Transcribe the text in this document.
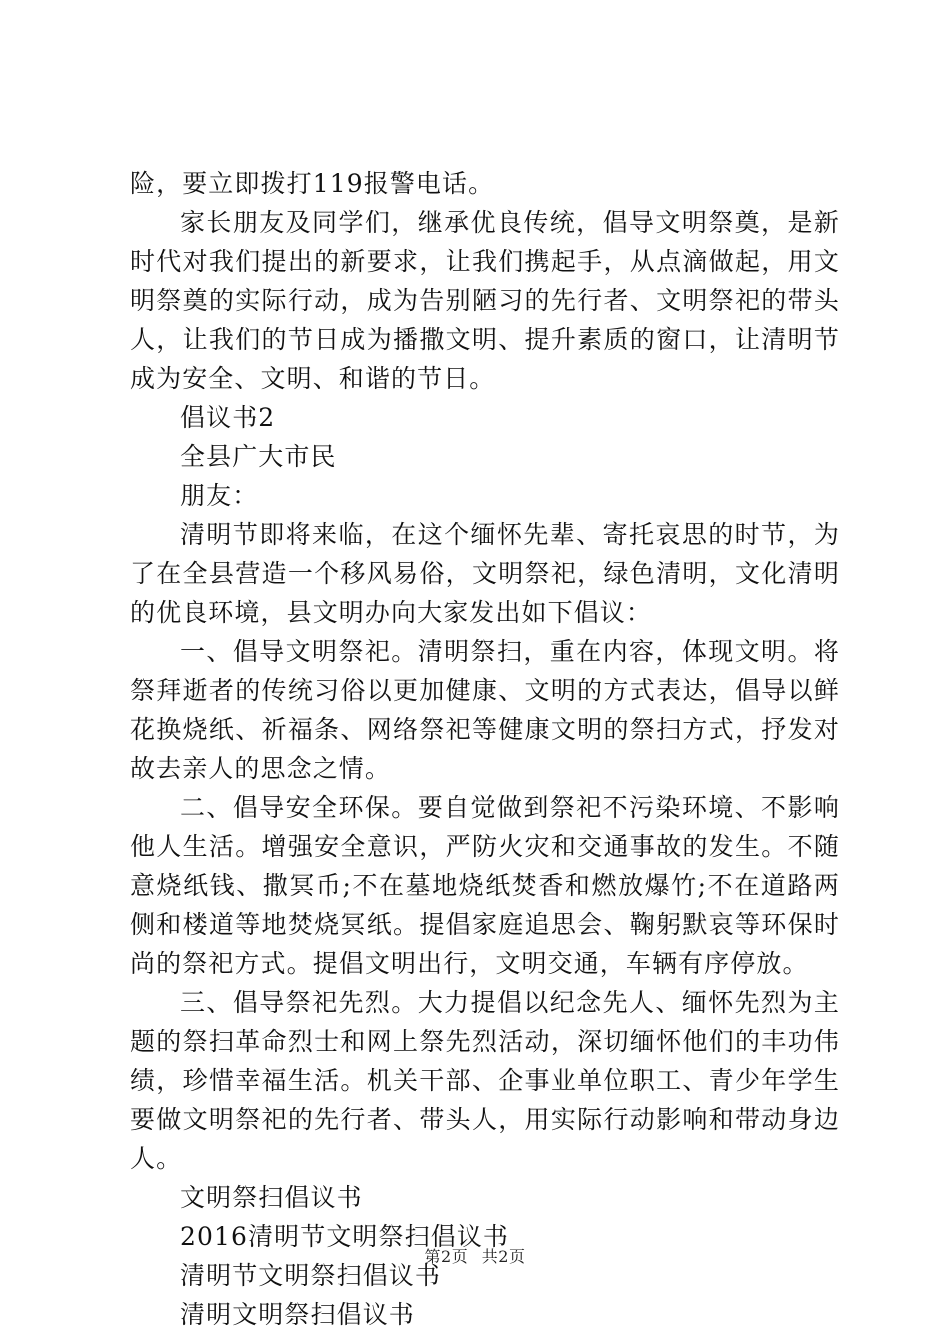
险，要立即拨打119报警电话。

家长朋友及同学们，继承优良传统，倡导文明祭奠，是新时代对我们提出的新要求，让我们携起手，从点滴做起，用文明祭奠的实际行动，成为告别陋习的先行者、文明祭祀的带头人，让我们的节日成为播撒文明、提升素质的窗口，让清明节成为安全、文明、和谐的节日。

倡议书2

全县广大市民

朋友：

清明节即将来临，在这个缅怀先辈、寄托哀思的时节，为了在全县营造一个移风易俗，文明祭祀，绿色清明，文化清明的优良环境，县文明办向大家发出如下倡议：

一、倡导文明祭祀。清明祭扫，重在内容，体现文明。将祭拜逝者的传统习俗以更加健康、文明的方式表达，倡导以鲜花换烧纸、祈福条、网络祭祀等健康文明的祭扫方式，抒发对故去亲人的思念之情。

二、倡导安全环保。要自觉做到祭祀不污染环境、不影响他人生活。增强安全意识，严防火灾和交通事故的发生。不随意烧纸钱、撒冥币;不在墓地烧纸焚香和燃放爆竹;不在道路两侧和楼道等地焚烧冥纸。提倡家庭追思会、鞠躬默哀等环保时尚的祭祀方式。提倡文明出行，文明交通，车辆有序停放。

三、倡导祭祀先烈。大力提倡以纪念先人、缅怀先烈为主题的祭扫革命烈士和网上祭先烈活动，深切缅怀他们的丰功伟绩，珍惜幸福生活。机关干部、企事业单位职工、青少年学生要做文明祭祀的先行者、带头人，用实际行动影响和带动身边人。

文明祭扫倡议书

2016清明节文明祭扫倡议书

清明节文明祭扫倡议书

清明文明祭扫倡议书

第2页 共2页
